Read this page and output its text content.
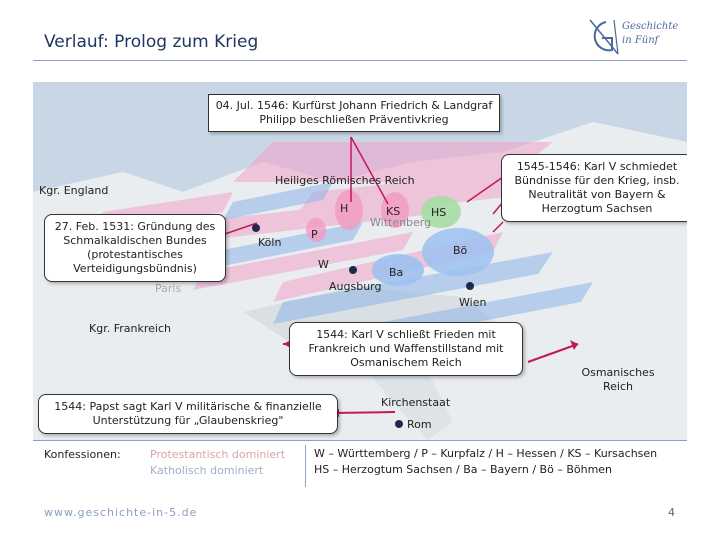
Verlauf: Prolog zum Krieg
Geschichte
in Fünf
Kgr. England
Heiliges Römisches Reich
Kgr. Frankreich
Kirchenstaat
Köln
Wittenberg
Augsburg
Wien
Rom
Paris
H	KS	HS
P
W
Ba
Bö
Osmanisches Reich
04. Jul. 1546: Kurfürst Johann Friedrich & Landgraf Philipp beschließen Präventivkrieg
27. Feb. 1531: Gründung des Schmalkaldischen Bundes (protestantisches Verteidigungsbündnis)
1545-1546: Karl V schmiedet Bündnisse für den Krieg, insb. Neutralität von Bayern & Herzogtum Sachsen
1544: Karl V schließt Frieden mit Frankreich und Waffenstillstand mit Osmanischem Reich
1544: Papst sagt Karl V militärische & finanzielle Unterstützung für „Glaubenskrieg"
Konfessionen:	Protestantisch dominiert
Katholisch dominiert
W – Württemberg / P – Kurpfalz / H – Hessen / KS – Kursachsen
HS – Herzogtum Sachsen / Ba – Bayern / Bö – Böhmen
www.geschichte-in-5.de	4
